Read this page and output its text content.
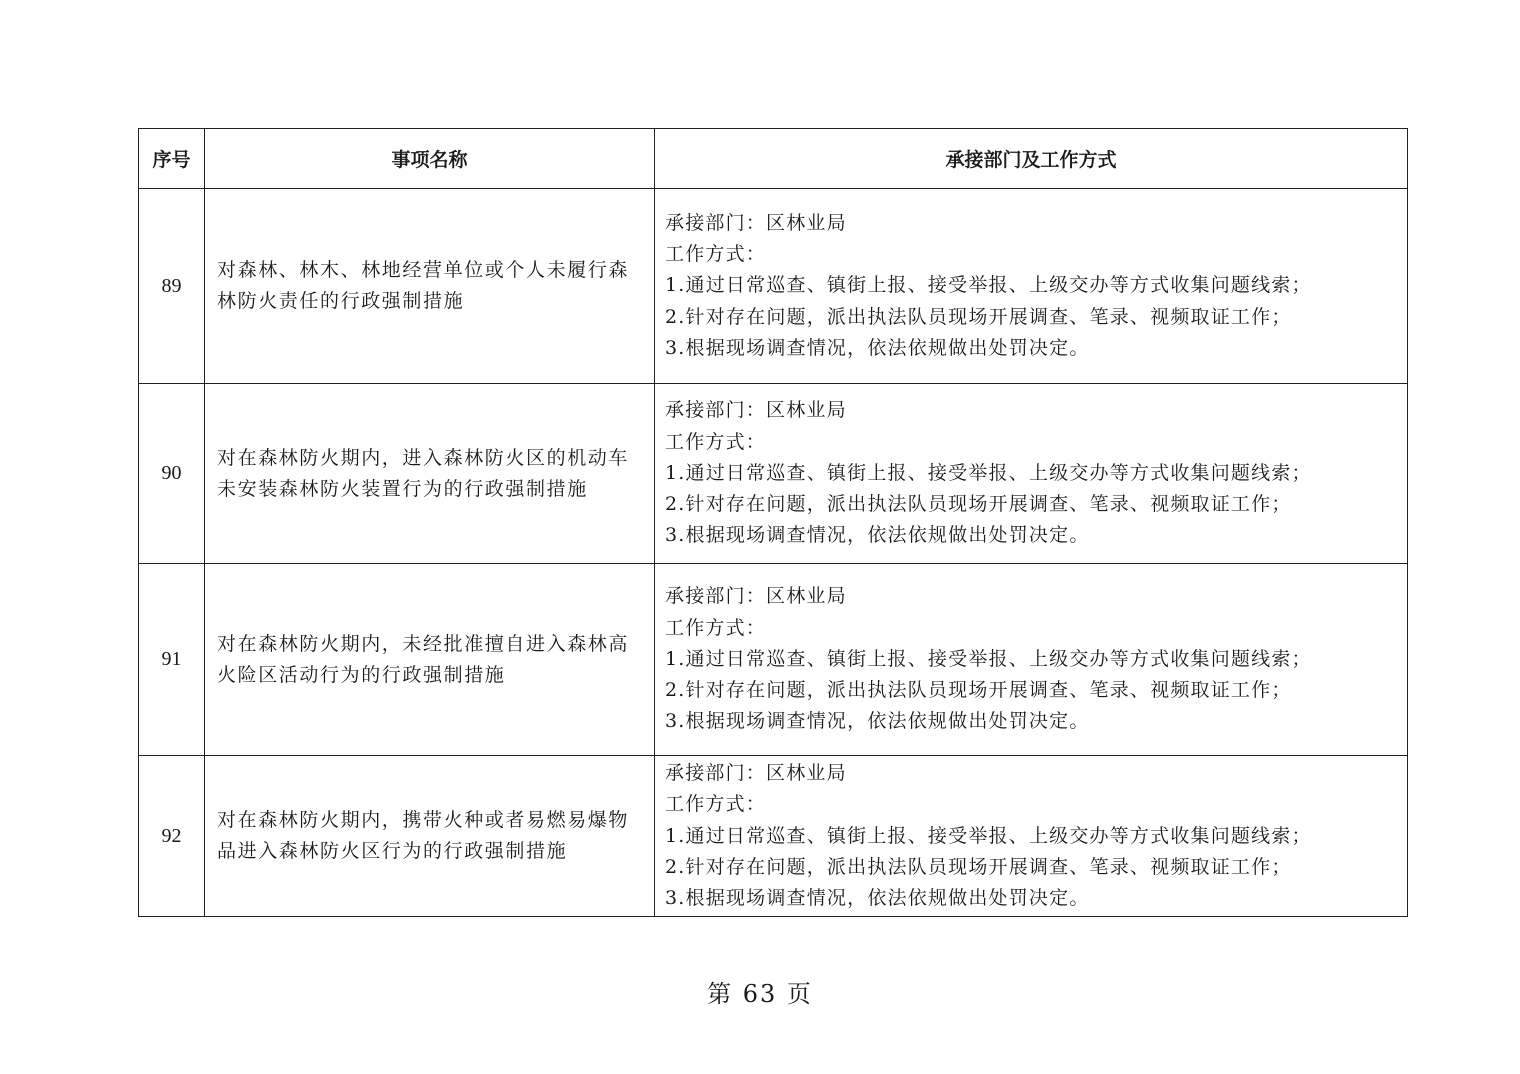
序号	事项名称	承接部门及工作方式
89	对森林、林木、林地经营单位或个人未履行森林防火责任的行政强制措施	承接部门：区林业局
工作方式：
1.通过日常巡查、镇街上报、接受举报、上级交办等方式收集问题线索；
2.针对存在问题，派出执法队员现场开展调查、笔录、视频取证工作；
3.根据现场调查情况，依法依规做出处罚决定。

90	对在森林防火期内，进入森林防火区的机动车未安装森林防火装置行为的行政强制措施	承接部门：区林业局
工作方式：
1.通过日常巡查、镇街上报、接受举报、上级交办等方式收集问题线索；
2.针对存在问题，派出执法队员现场开展调查、笔录、视频取证工作；
3.根据现场调查情况，依法依规做出处罚决定。

91	对在森林防火期内，未经批准擅自进入森林高火险区活动行为的行政强制措施	承接部门：区林业局
工作方式：
1.通过日常巡查、镇街上报、接受举报、上级交办等方式收集问题线索；
2.针对存在问题，派出执法队员现场开展调查、笔录、视频取证工作；
3.根据现场调查情况，依法依规做出处罚决定。

92	对在森林防火期内，携带火种或者易燃易爆物品进入森林防火区行为的行政强制措施	承接部门：区林业局
工作方式：
1.通过日常巡查、镇街上报、接受举报、上级交办等方式收集问题线索；
2.针对存在问题，派出执法队员现场开展调查、笔录、视频取证工作；
3.根据现场调查情况，依法依规做出处罚决定。
第 63 页
